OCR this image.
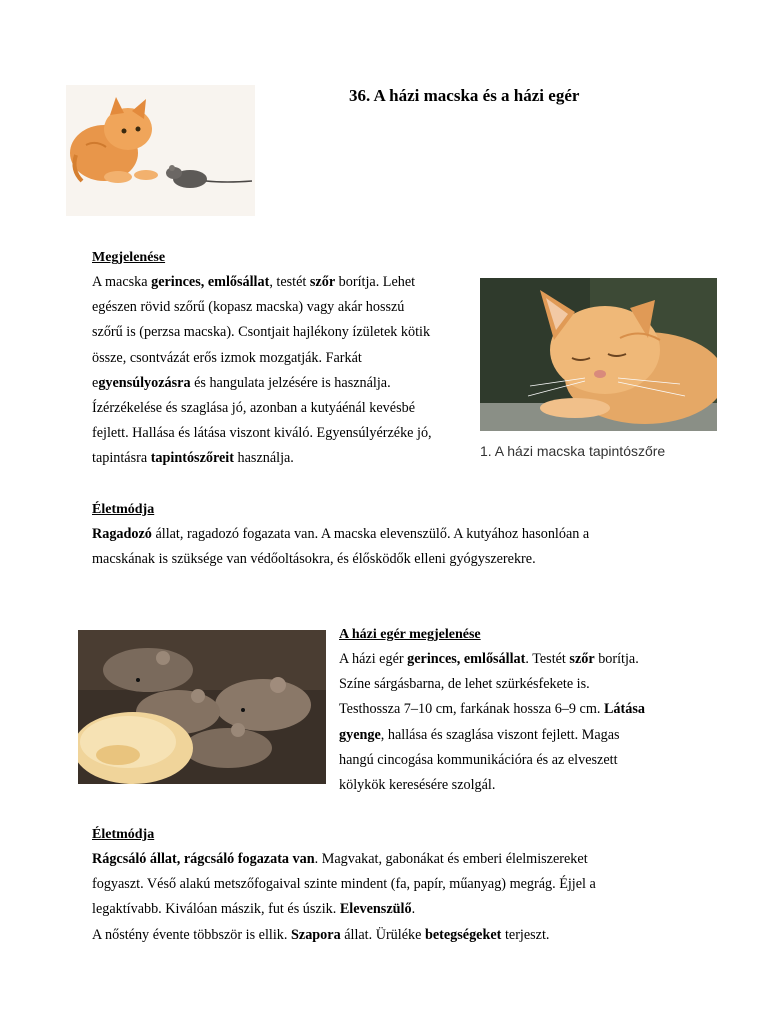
36. A házi macska és a házi egér
Megjelenése
A macska gerinces, emlősállat, testét szőr borítja. Lehet
egészen rövid szőrű (kopasz macska) vagy akár hosszú
szőrű is (perzsa macska). Csontjait hajlékony ízületek kötik
össze, csontvázát erős izmok mozgatják. Farkát
egyensúlyozásra és hangulata jelzésére is használja.
Ízérzékelése és szaglása jó, azonban a kutyáénál kevésbé
fejlett. Hallása és látása viszont kiváló. Egyensúlyérzéke jó,
tapintásra tapintószőreit használja.	1. A házi macska tapintószőre
Életmódja
Ragadozó állat, ragadozó fogazata van. A macska elevenszülő. A kutyához hasonlóan a
macskának is szüksége van védőoltásokra, és élősködők elleni gyógyszerekre.
A házi egér megjelenése
A házi egér gerinces, emlősállat. Testét szőr borítja.
Színe sárgásbarna, de lehet szürkésfekete is.
Testhossza 7–10 cm, farkának hossza 6–9 cm. Látása
gyenge, hallása és szaglása viszont fejlett. Magas
hangú cincogása kommunikációra és az elveszett
kölykök keresésére szolgál.
Életmódja
Rágcsáló állat, rágcsáló fogazata van. Magvakat, gabonákat és emberi élelmiszereket
fogyaszt. Véső alakú metszőfogaival szinte mindent (fa, papír, műanyag) megrág. Éjjel a
legaktívabb. Kiválóan mászik, fut és úszik. Elevenszülő.
A nőstény évente többször is ellik. Szapora állat. Ürüléke betegségeket terjeszt.
